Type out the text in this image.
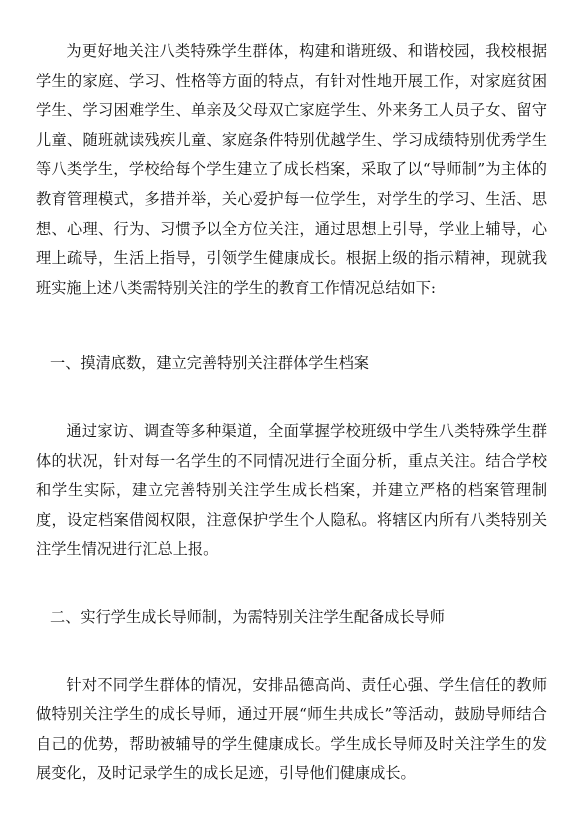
为更好地关注八类特殊学生群体，构建和谐班级、和谐校园，我校根据学生的家庭、学习、性格等方面的特点，有针对性地开展工作，对家庭贫困学生、学习困难学生、单亲及父母双亡家庭学生、外来务工人员子女、留守儿童、随班就读残疾儿童、家庭条件特别优越学生、学习成绩特别优秀学生等八类学生，学校给每个学生建立了成长档案，采取了以“导师制”为主体的教育管理模式，多措并举，关心爱护每一位学生，对学生的学习、生活、思想、心理、行为、习惯予以全方位关注，通过思想上引导，学业上辅导，心理上疏导，生活上指导，引领学生健康成长。根据上级的指示精神，现就我班实施上述八类需特别关注的学生的教育工作情况总结如下:

一、摸清底数，建立完善特别关注群体学生档案

通过家访、调查等多种渠道，全面掌握学校班级中学生八类特殊学生群体的状况，针对每一名学生的不同情况进行全面分析，重点关注。结合学校和学生实际，建立完善特别关注学生成长档案，并建立严格的档案管理制度，设定档案借阅权限，注意保护学生个人隐私。将辖区内所有八类特别关注学生情况进行汇总上报。

二、实行学生成长导师制，为需特别关注学生配备成长导师

针对不同学生群体的情况，安排品德高尚、责任心强、学生信任的教师做特别关注学生的成长导师，通过开展“师生共成长”等活动，鼓励导师结合自己的优势，帮助被辅导的学生健康成长。学生成长导师及时关注学生的发展变化，及时记录学生的成长足迹，引导他们健康成长。
